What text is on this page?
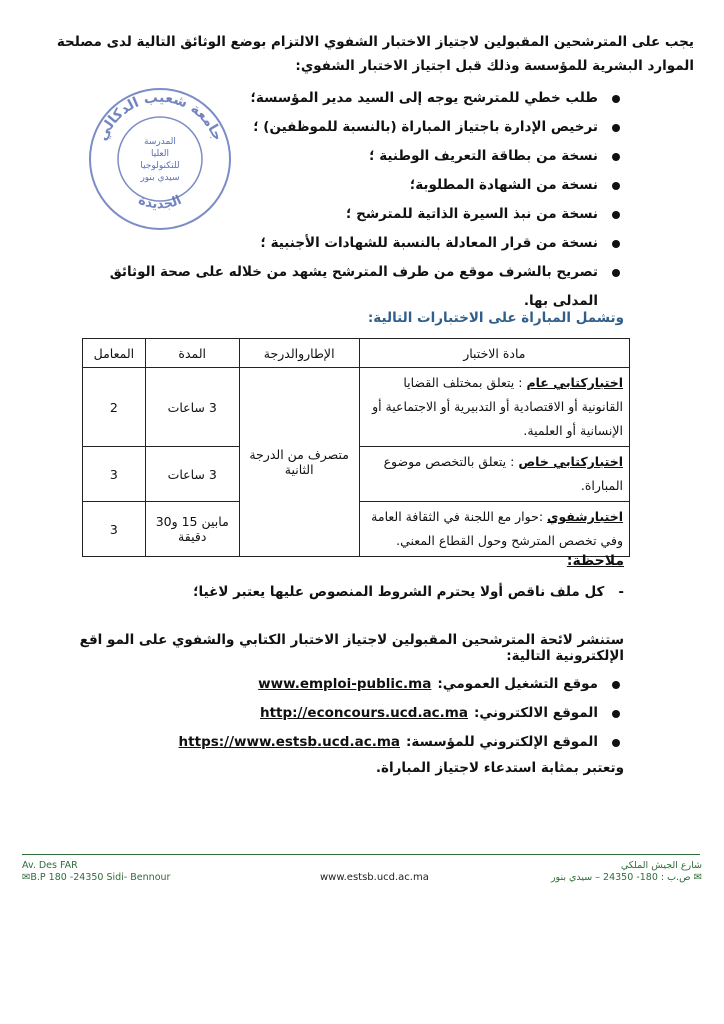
يجب على المترشحين المقبولين لاجتياز الاختبار الشفوي الالتزام بوضع الوثائق التالية لدى مصلحة الموارد البشرية للمؤسسة وذلك قبل اجتياز الاختبار الشفوي:
جامعة شعيب الدكالي
الجديدة
المدرسة
العليا
للتكنولوجيا
سيدي بنور
طلب خطي للمترشح يوجه إلى السيد مدير المؤسسة؛
ترخيص الإدارة باجتياز المباراة (بالنسبة للموظفين) ؛
نسخة من بطاقة التعريف الوطنية ؛
نسخة من الشهادة المطلوبة؛
نسخة من نبذ السيرة الذاتية للمترشح ؛
نسخة من قرار المعادلة بالنسبة للشهادات الأجنبية ؛
تصريح بالشرف موقع من طرف المترشح يشهد من خلاله على صحة الوثائق المدلى بها.
وتشمل المباراة على الاختبارات التالية:
مادة الاختبار	الإطاروالدرجة	المدة	المعامل
اختباركتابي عام : يتعلق بمختلف القضايا القانونية أو الاقتصادية أو التدبيرية أو الاجتماعية أو الإنسانية أو العلمية.	متصرف من الدرجة الثانية	3 ساعات	2
اختباركتابي خاص : يتعلق بالتخصص موضوع المباراة.		3 ساعات	3
اختبارشفوي :حوار مع اللجنة في الثقافة العامة وفي تخصص المترشح وحول القطاع المعني.		مابين 15 و30 دقيقة	3
ملاحظة:
-كل ملف ناقص أولا يحترم الشروط المنصوص عليها يعتبر لاغيا؛
ستنشر لائحة المترشحين المقبولين لاجتياز الاختبار الكتابي والشفوي على المو اقع الإلكترونية التالية:
موقع التشغيل العمومي:www.emploi-public.ma
الموقع الالكتروني:http://econcours.ucd.ac.ma
الموقع الإلكتروني للمؤسسة:https://www.estsb.ucd.ac.ma
وتعتبر بمثابة استدعاء لاجتياز المباراة.
Av. Des FAR
✉B.P 180 -24350 Sidi- Bennour	www.estsb.ucd.ac.ma
شارع الجيش الملكي
✉ ص.ب : 180- 24350 – سيدي بنور
